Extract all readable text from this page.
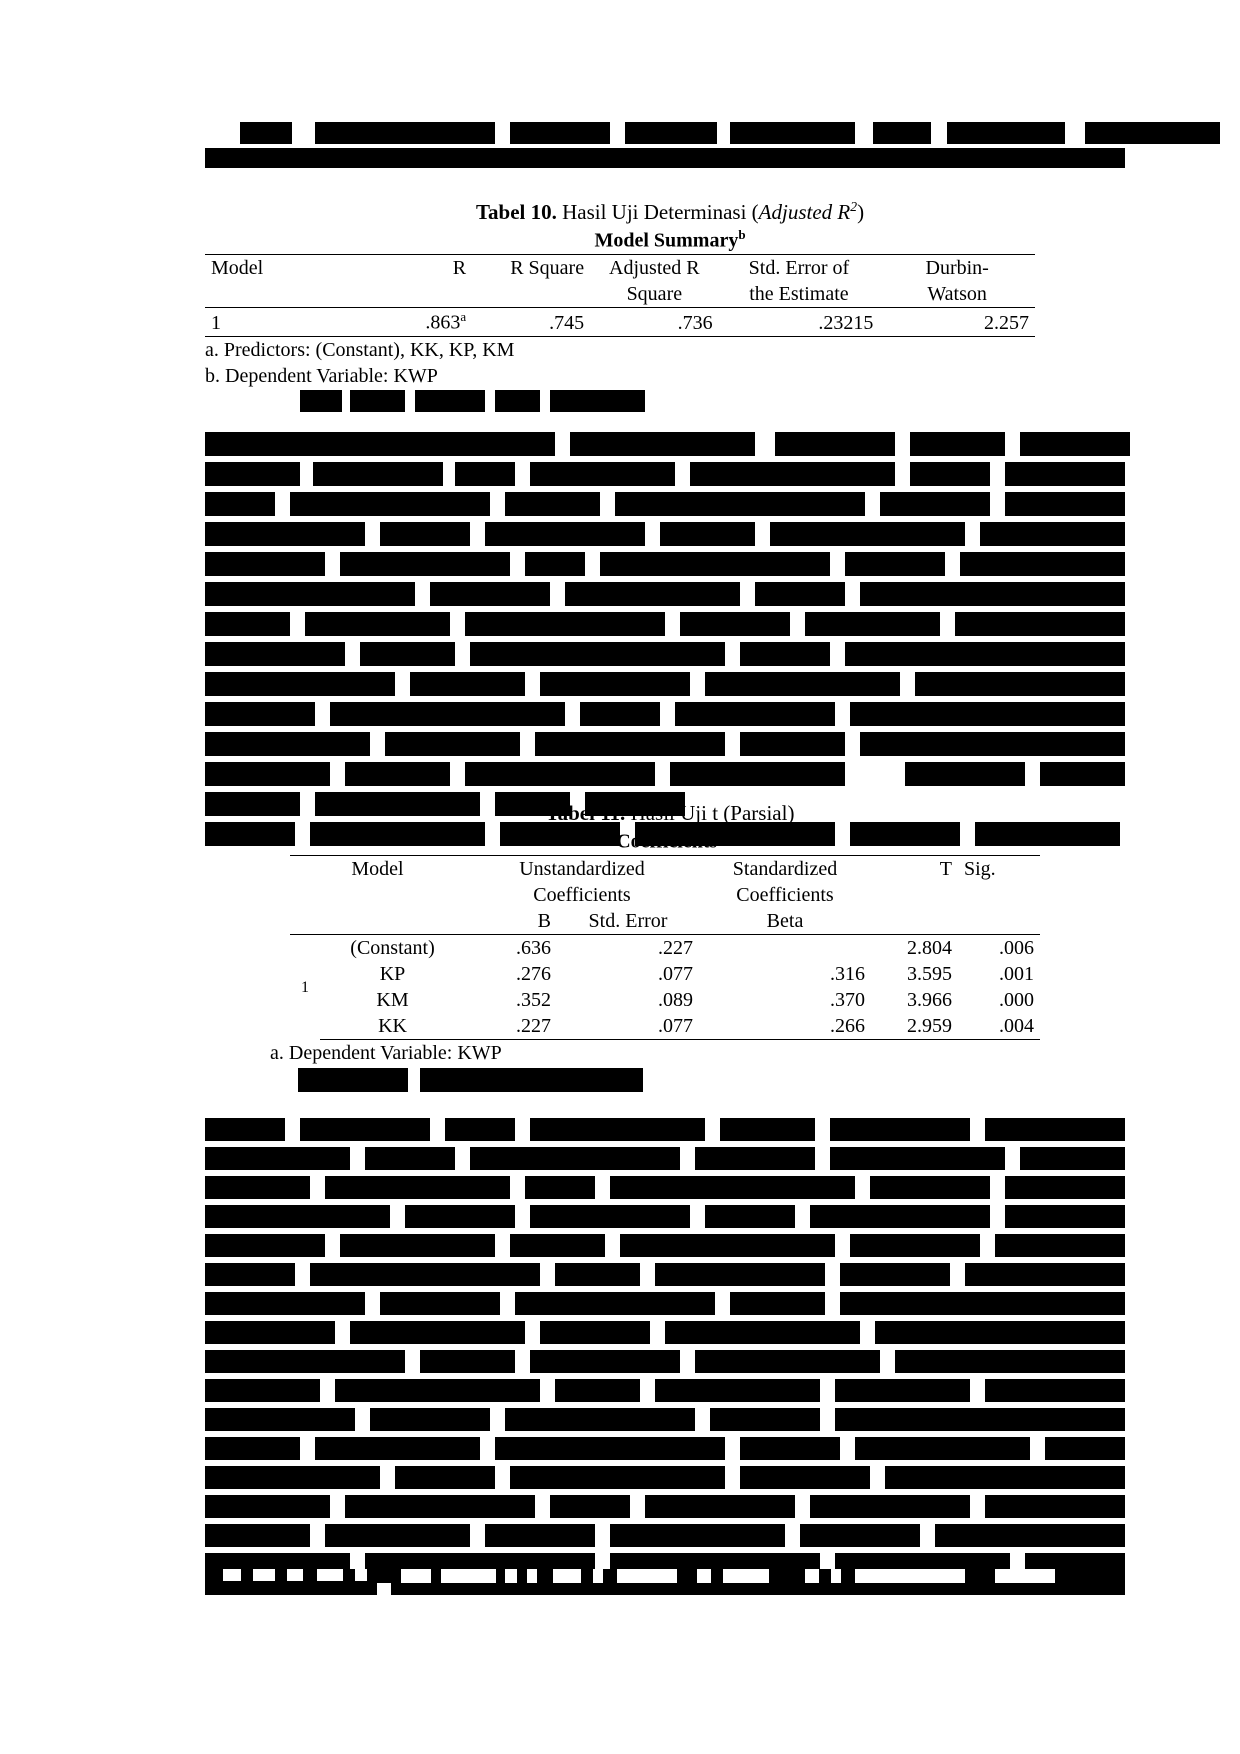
Tabel 10. Hasil Uji Determinasi (Adjusted $R^2$)
Model Summary$^b$
Model	R	R Square	Adjusted R	Std. Error of	Durbin-
			Square	the Estimate	Watson
1	.863$^a$	.745	.736	.23215	2.257
a. Predictors: (Constant), KK, KP, KM
b. Dependent Variable: KWP
Tabel 11. Hasil Uji t (Parsial)
Coefficients$^a$
Model		Unstandardized		Standardized	T	Sig.
		Coefficients		Coefficients		
		B	Std. Error	Beta		
1	(Constant)	.636	.227		2.804	.006
	KP	.276	.077	.316	3.595	.001
	KM	.352	.089	.370	3.966	.000
	KK	.227	.077	.266	2.959	.004
a. Dependent Variable: KWP
